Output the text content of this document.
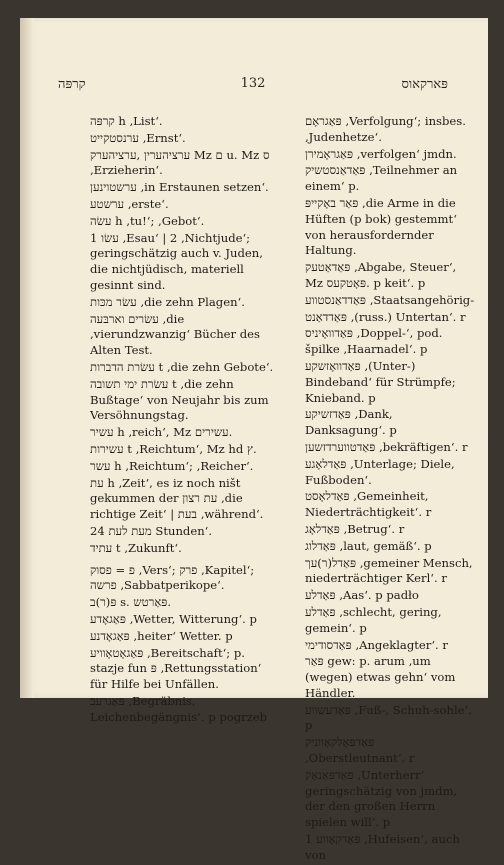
קרפּה	132	פּארקאוס
קרפּה h ‚List‘.
ערנסטקייט ‚Ernst‘.
ערציהערין ,ערציהערק Mz ם u. Mz ס ‚Erzieherin‘.
ערשטוינען ‚in Erstaunen setzen‘.
ערשטע ‚erste‘.
עשׂה h ‚tu!‘; ‚Gebot‘.
עשׂו 1 ‚Esau‘ | 2 ‚Nichtjude‘; geringschätzig auch v. Juden, die nichtjüdisch, materiell gesinnt sind.
עשׂר מכּות ‚die zehn Plagen‘.
עשׂרים וארבּעה ‚die ‚vierundzwanzig‘ Bücher des Alten Test.
עשׂרת הדברות t ‚die zehn Gebote‘.
עשׂרת ימי תשובה t ‚die zehn Bußtage‘ von Neujahr bis zum Versöhnungstag.
עשיר h ‚reich‘, Mz עשירים.
עשירות t ‚Reichtum‘, Mz hd ץ.
עשר h ‚Reichtum‘; ‚Reicher‘.
עת h ‚Zeit‘, es iz noch ništ gekummen der עת רצון ‚die richtige Zeit‘ | בעת ‚während‘.
מעת לעת 24 Stunden‘.
עתיד t ‚Zukunft‘.
פ = פסוק ‚Vers‘; פרק ‚Kapitel‘; פרשה ‚Sabbatperikope‘.
פּ(ר)ב s. פּאַרטש.
פּאַגאָדע ‚Wetter, Witterung‘. p
פּאַגאָדנע ‚heiter‘ Wetter. p
פּאַגאָטאָוויע ‚Bereitschaft‘; p. stazje fun פּ ‚Rettungsstation‘ für Hilfe bei Unfällen.
פּאַגרעב ‚Begräbnis, Leichenbegängnis‘. p pogrzeb
פּאַגראָם ‚Verfolgung‘; insbes. ‚Judenhetze‘.
פּאַגראָמירן ‚verfolgen‘ jmdn.
פּאַדאַנסטשיק ‚Teilnehmer an einem‘ p.
פּאַר באָקייפּ ‚die Arme in die Hüften (p bok) gestemmt‘ von herausfordernder Haltung.
פּאַדאַטעק ‚Abgabe, Steuer‘, Mz פּאָטקעס. p keit‘. p
פּאַדדאַנסטווע ‚Staatsangehörig-
פּאַדדאַנט ‚(russ.) Untertan‘. r
פּאַדוואָיניס ‚Doppel-‘, pod. špilke ‚Haarnadel‘. p
פּאַדוואָזשקע ‚(Unter-) Bindeband‘ für Strümpfe; Knieband. p
פּאַדזשיקע ‚Dank, Danksagung‘. p
פּאַדטווערדזשען ‚bekräftigen‘. r
פּאַדלאָגע ‚Unterlage; Diele, Fußboden‘.
פּאַדלאָסט ‚Gemeinheit, Niederträchtigkeit‘. r
פּאַדלאָג ‚Betrug‘. r
פּאַדלוג ‚laut, gemäß‘. p
פּאַדל(ר)עך ‚gemeiner Mensch, niederträchtiger Kerl‘. r
פּאַדלע ‚Aas‘. p padło
פּאַדלע ‚schlecht, gering, gemein‘. p
פּאַדסודימי ‚Angeklagter‘. r
פּאַר gew: p. arum ‚um (wegen) etwas gehn‘ vom Händler.
פּאַדעשווע ‚Fuß-, Schuh-sohle‘. p
פּאַדפּאָלקאָווניק ‚Oberstleutnant‘. r
פּאַדפּאַנאָק ‚Unterherr‘ geringschätzig von jmdm, der den großen Herrn spielen will‘. p
פּאַדקאָווע 1 ‚Hufeisen‘, auch von
